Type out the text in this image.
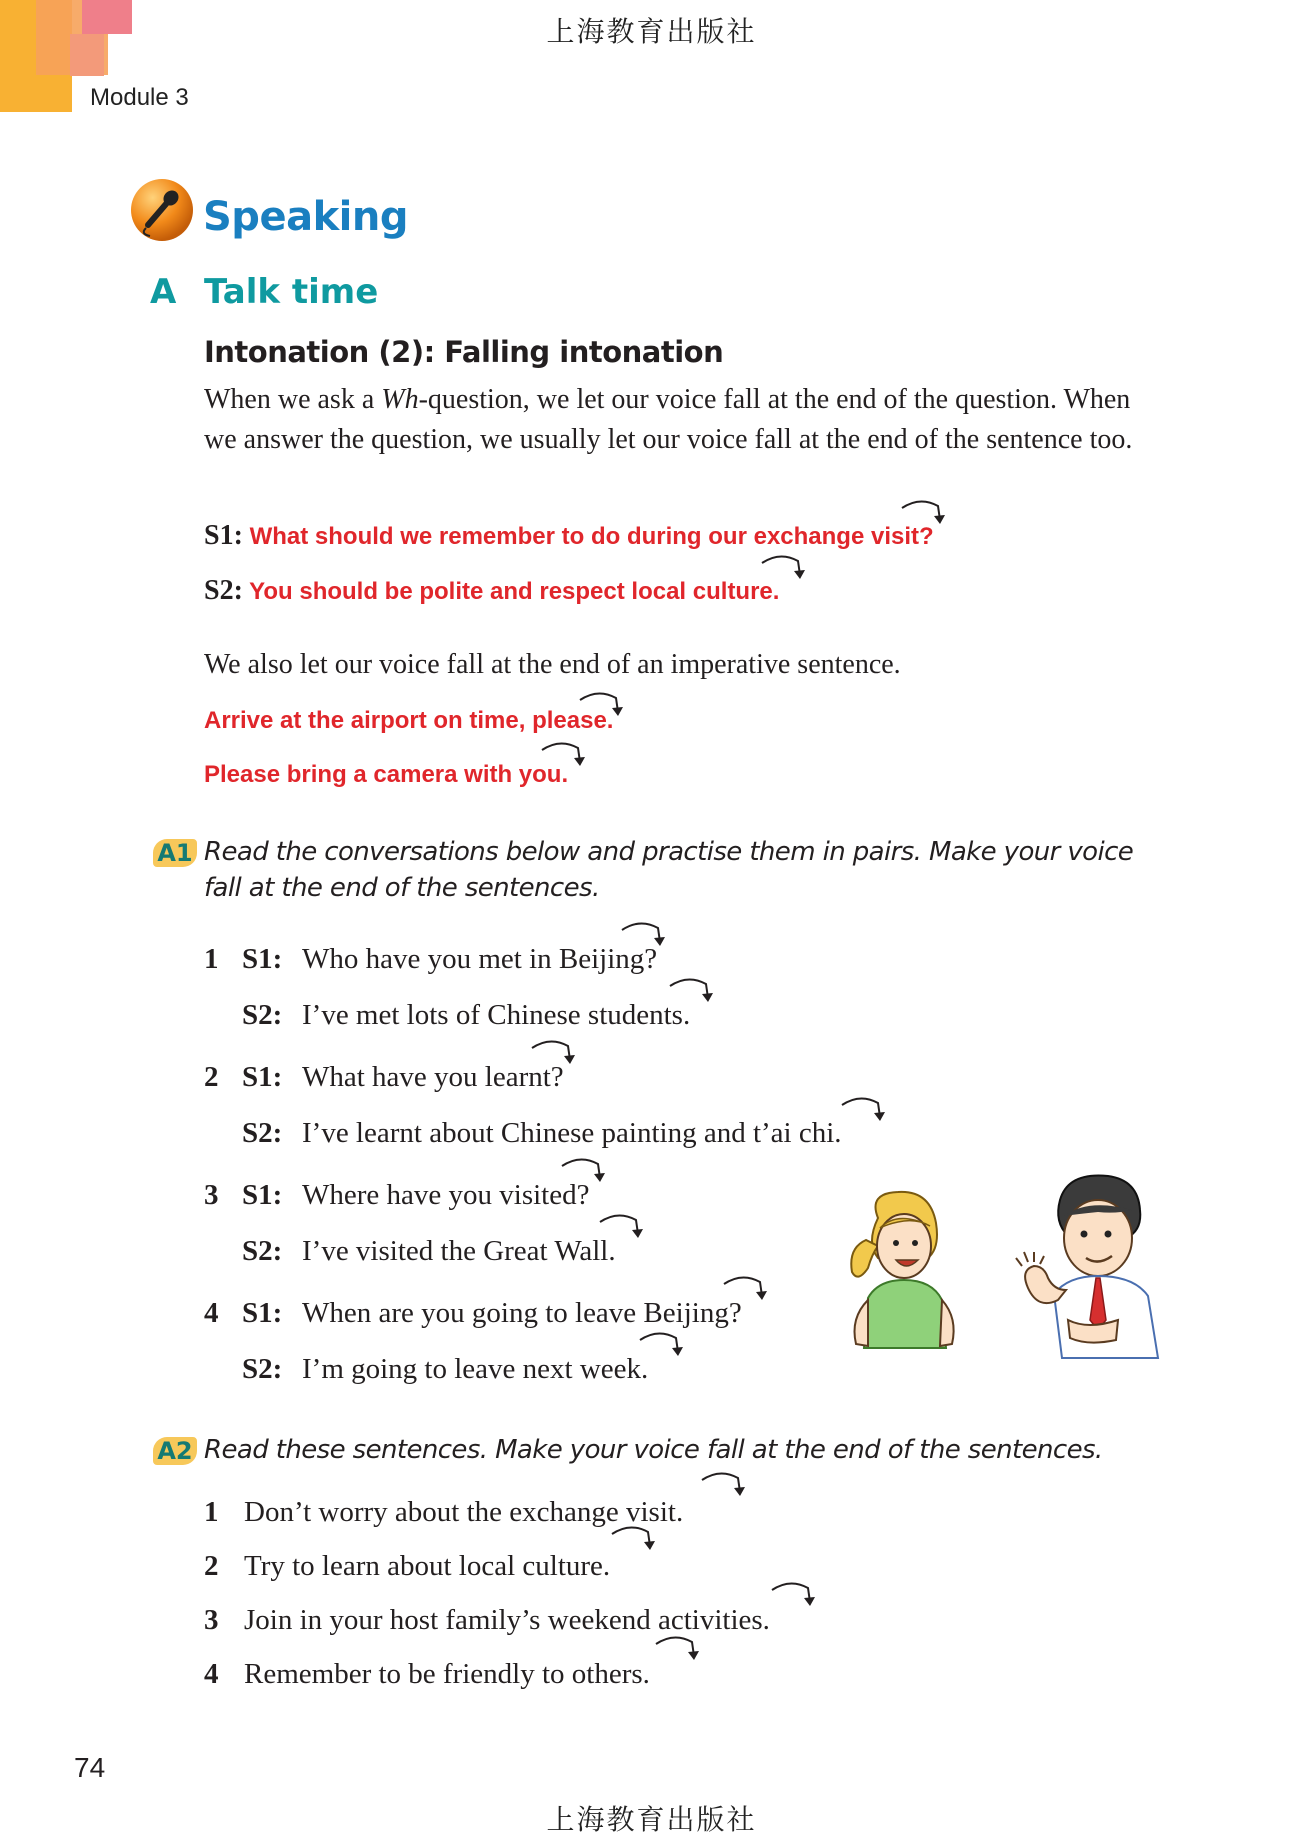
上海教育出版社
Module 3
Speaking
A Talk time
Intonation (2): Falling intonation
When we ask a Wh-question, we let our voice fall at the end of the question. When we answer the question, we usually let our voice fall at the end of the sentence too.
S1: What should we remember to do during our exchange visit?
S2: You should be polite and respect local culture.
We also let our voice fall at the end of an imperative sentence.
Arrive at the airport on time, please.
Please bring a camera with you.
A1 Read the conversations below and practise them in pairs. Make your voice fall at the end of the sentences.
1 S1: Who have you met in Beijing?
S2: I’ve met lots of Chinese students.
2 S1: What have you learnt?
S2: I’ve learnt about Chinese painting and t’ai chi.
3 S1: Where have you visited?
S2: I’ve visited the Great Wall.
4 S1: When are you going to leave Beijing?
S2: I’m going to leave next week.
A2 Read these sentences. Make your voice fall at the end of the sentences.
1 Don’t worry about the exchange visit.
2 Try to learn about local culture.
3 Join in your host family’s weekend activities.
4 Remember to be friendly to others.
74
上海教育出版社
